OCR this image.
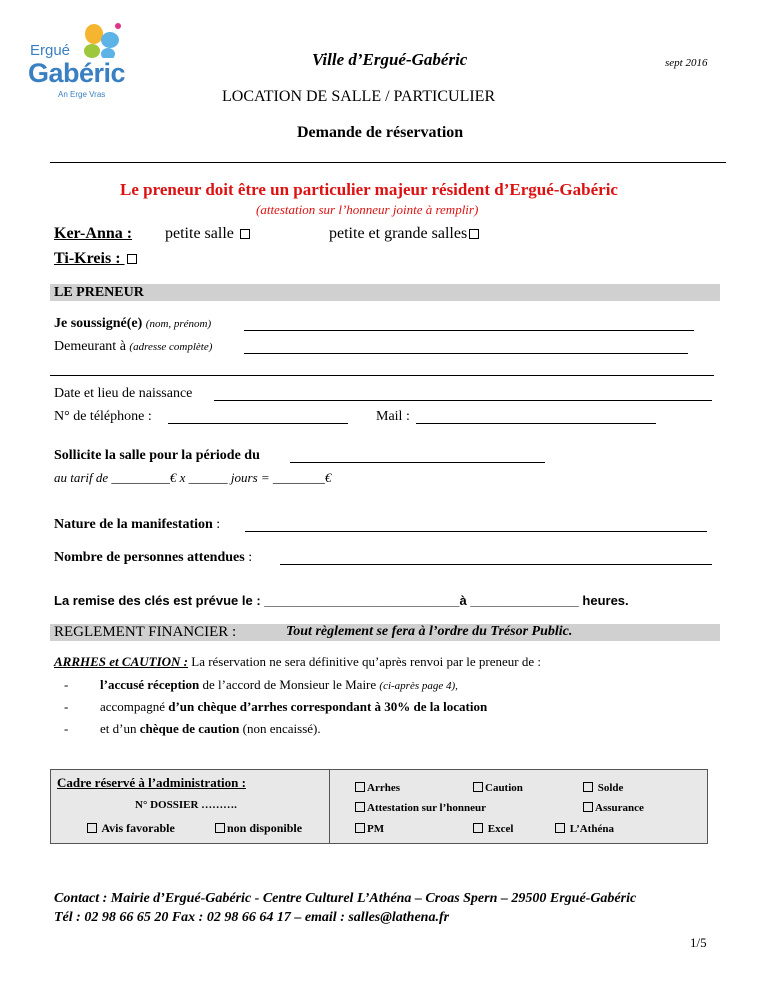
Ergué
Gabéric
An Erge Vras
Ville d’Ergué-Gabéric	sept 2016
LOCATION DE SALLE / PARTICULIER
Demande de réservation
Le preneur doit être un particulier majeur résident d’Ergué-Gabéric
(attestation sur l’honneur jointe à remplir)
Ker-Anna : petite salle	petite et grande salles
Ti-Kreis :
LE PRENEUR
Je soussigné(e) (nom, prénom)
Demeurant à (adresse complète)
Date et lieu de naissance
N° de téléphone :	Mail :
Sollicite la salle pour la période du
au tarif de _________€ x ______ jours = ________€
Nature de la manifestation :
Nombre de personnes attendues :
La remise des clés est prévue le : ___________________________à _______________ heures.
REGLEMENT FINANCIER :	Tout règlement se fera à l’ordre du Trésor Public.
ARRHES et CAUTION : La réservation ne sera définitive qu’après renvoi par le preneur de :
- l’accusé réception de l’accord de Monsieur le Maire (ci-après page 4),
- accompagné d’un chèque d’arrhes correspondant à 30% de la location
- et d’un chèque de caution (non encaissé).
Cadre réservé à l’administration :
N° DOSSIER ……….
Avis favorable	non disponible
Arrhes	Caution	Solde
Attestation sur l’honneur	Assurance
PM	Excel	L’Athéna
Contact : Mairie d’Ergué-Gabéric - Centre Culturel L’Athéna – Croas Spern – 29500 Ergué-Gabéric
Tél : 02 98 66 65 20 Fax : 02 98 66 64 17 – email : salles@lathena.fr
1/5
